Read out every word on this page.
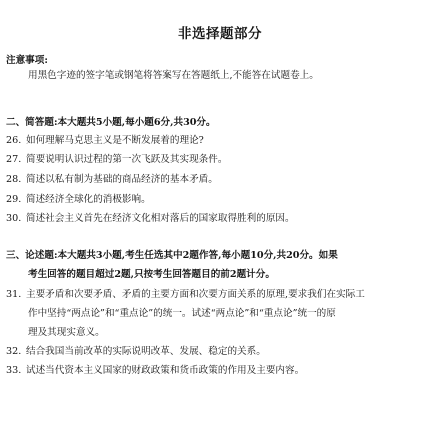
非选择题部分
注意事项:
用黑色字迹的签字笔或钢笔将答案写在答题纸上,不能答在试题卷上。
二、简答题:本大题共5小题,每小题6分,共30分。
26. 如何理解马克思主义是不断发展着的理论?
27. 简要说明认识过程的第一次飞跃及其实现条件。
28. 简述以私有制为基础的商品经济的基本矛盾。
29. 简述经济全球化的消极影响。
30. 简述社会主义首先在经济文化相对落后的国家取得胜利的原因。
三、论述题:本大题共3小题,考生任选其中2题作答,每小题10分,共20分。如果
考生回答的题目超过2题,只按考生回答题目的前2题计分。
31. 主要矛盾和次要矛盾、矛盾的主要方面和次要方面关系的原理,要求我们在实际工
作中坚持“两点论”和“重点论”的统一。试述“两点论”和“重点论”统一的原
理及其现实意义。
32. 结合我国当前改革的实际说明改革、发展、稳定的关系。
33. 试述当代资本主义国家的财政政策和货币政策的作用及主要内容。
